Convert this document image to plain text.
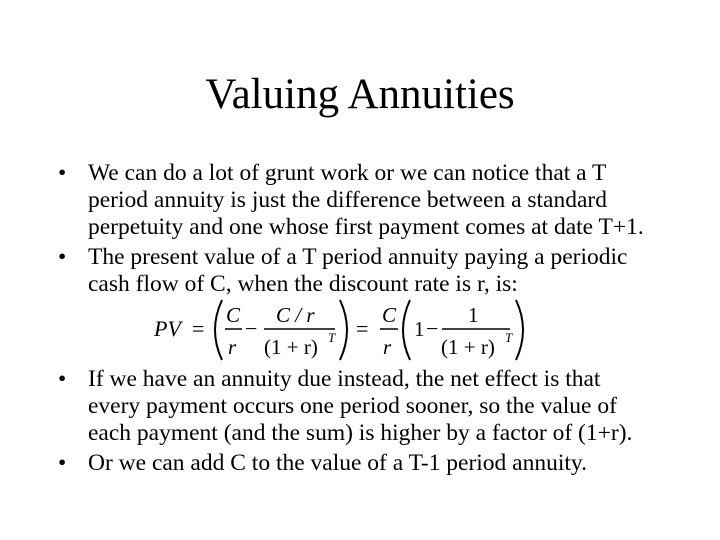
Valuing Annuities
• We can do a lot of grunt work or we can notice that a T
period annuity is just the difference between a standard
perpetuity and one whose first payment comes at date T+1.
• The present value of a T period annuity paying a periodic
cash flow of C, when the discount rate is r, is:
PV =
C
r
−
C / r
(1 + r) T =
C
r
1 −
1
(1 + r) T
• If we have an annuity due instead, the net effect is that
every payment occurs one period sooner, so the value of
each payment (and the sum) is higher by a factor of (1+r).
• Or we can add C to the value of a T-1 period annuity.
